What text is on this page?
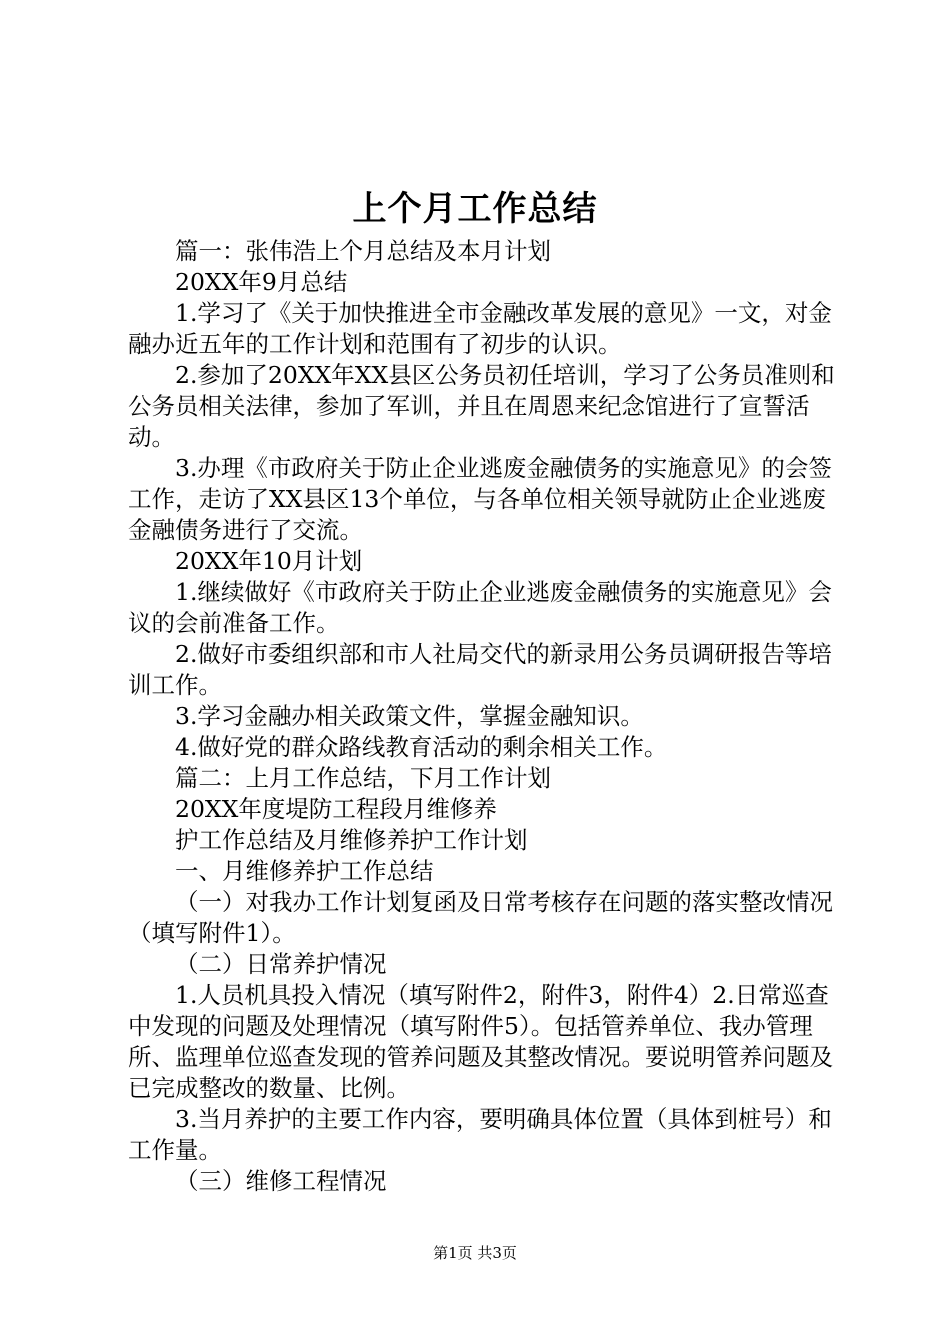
上个月工作总结

篇一：张伟浩上个月总结及本月计划

20XX年9月总结

1.学习了《关于加快推进全市金融改革发展的意见》一文，对金融办近五年的工作计划和范围有了初步的认识。

2.参加了20XX年XX县区公务员初任培训，学习了公务员准则和公务员相关法律，参加了军训，并且在周恩来纪念馆进行了宣誓活动。

3.办理《市政府关于防止企业逃废金融债务的实施意见》的会签工作，走访了XX县区13个单位，与各单位相关领导就防止企业逃废金融债务进行了交流。

20XX年10月计划

1.继续做好《市政府关于防止企业逃废金融债务的实施意见》会议的会前准备工作。

2.做好市委组织部和市人社局交代的新录用公务员调研报告等培训工作。

3.学习金融办相关政策文件，掌握金融知识。

4.做好党的群众路线教育活动的剩余相关工作。

篇二：上月工作总结，下月工作计划

20XX年度堤防工程段月维修养

护工作总结及月维修养护工作计划

一、月维修养护工作总结

（一）对我办工作计划复函及日常考核存在问题的落实整改情况（填写附件1）。

（二）日常养护情况

1.人员机具投入情况（填写附件2，附件3，附件4）2.日常巡查中发现的问题及处理情况（填写附件5）。包括管养单位、我办管理所、监理单位巡查发现的管养问题及其整改情况。要说明管养问题及已完成整改的数量、比例。

3.当月养护的主要工作内容，要明确具体位置（具体到桩号）和工作量。

（三）维修工程情况

第1页 共3页
